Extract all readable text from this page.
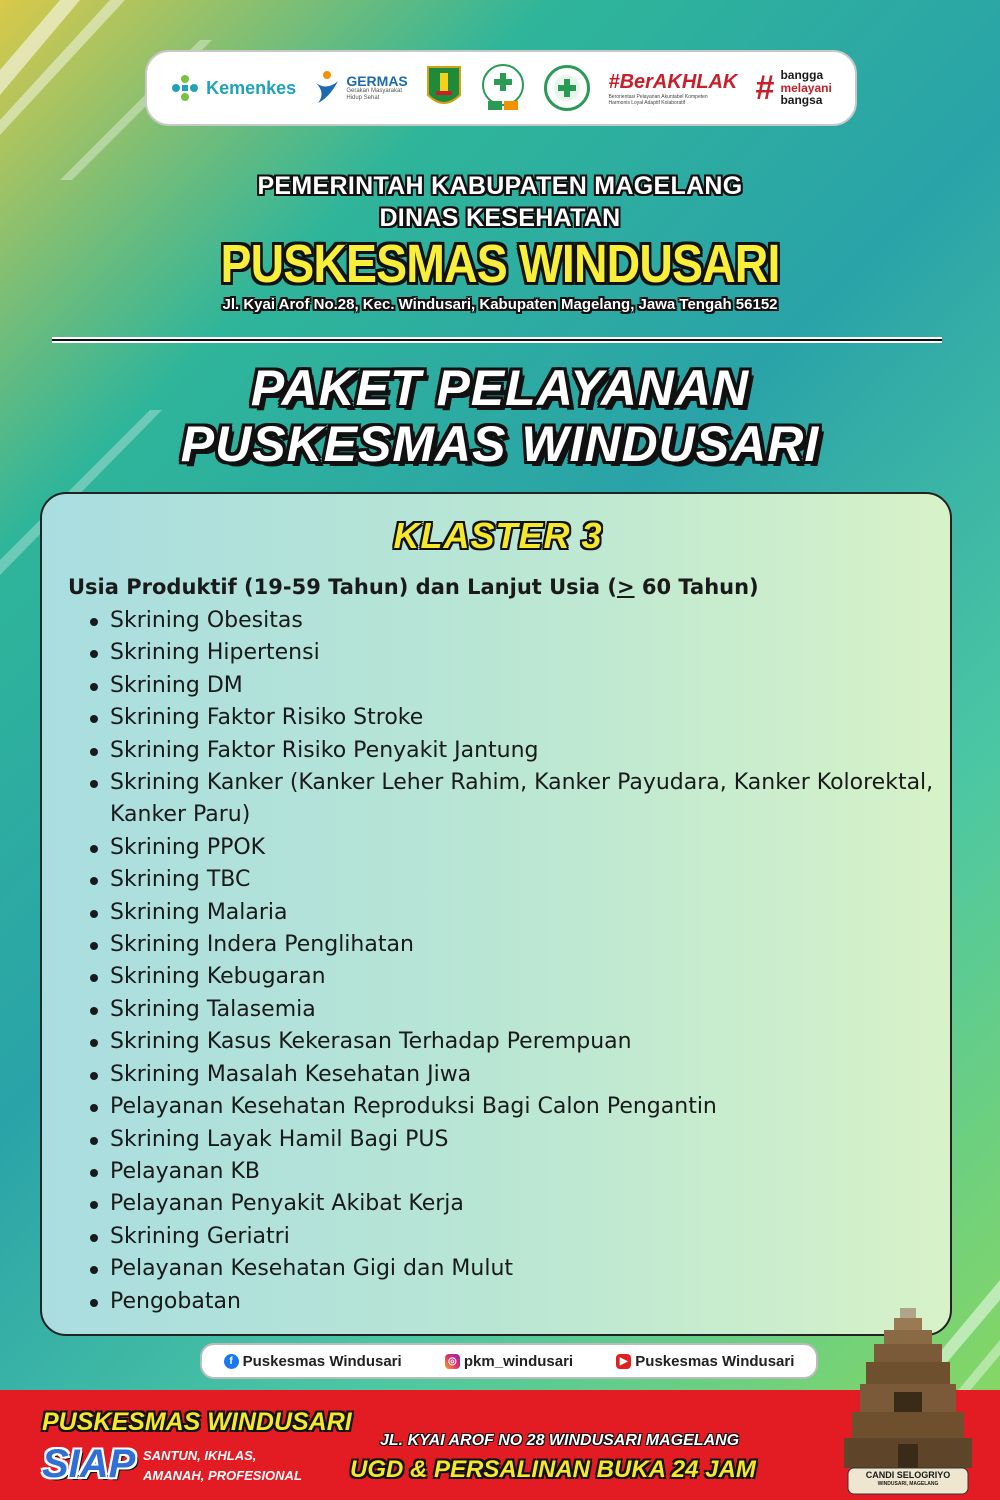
Kemenkes	GERMAS
Gerakan Masyarakat Hidup Sehat
#BerAKHLAK
Berorientasi Pelayanan Akuntabel Kompeten Harmonis Loyal Adaptif Kolaboratif	# bangga
melayani
bangsa
PEMERINTAH KABUPATEN MAGELANG
DINAS KESEHATAN
PUSKESMAS WINDUSARI
Jl. Kyai Arof No.28, Kec. Windusari, Kabupaten Magelang, Jawa Tengah 56152
PAKET PELAYANAN
PUSKESMAS WINDUSARI
KLASTER 3
Usia Produktif (19-59 Tahun) dan Lanjut Usia (> 60 Tahun)
Skrining Obesitas
Skrining Hipertensi
Skrining DM
Skrining Faktor Risiko Stroke
Skrining Faktor Risiko Penyakit Jantung
Skrining Kanker (Kanker Leher Rahim, Kanker Payudara, Kanker Kolorektal, Kanker Paru)
Skrining PPOK
Skrining TBC
Skrining Malaria
Skrining Indera Penglihatan
Skrining Kebugaran
Skrining Talasemia
Skrining Kasus Kekerasan Terhadap Perempuan
Skrining Masalah Kesehatan Jiwa
Pelayanan Kesehatan Reproduksi Bagi Calon Pengantin
Skrining Layak Hamil Bagi PUS
Pelayanan KB
Pelayanan Penyakit Akibat Kerja
Skrining Geriatri
Pelayanan Kesehatan Gigi dan Mulut
Pengobatan
f Puskesmas Windusari	◎ pkm_windusari	▶ Puskesmas Windusari
PUSKESMAS WINDUSARI
SIAP SANTUN, IKHLAS,
AMANAH, PROFESIONAL
JL. KYAI AROF NO 28 WINDUSARI MAGELANG
UGD & PERSALINAN BUKA 24 JAM	CANDI SELOGRIYO
WINDUSARI, MAGELANG
